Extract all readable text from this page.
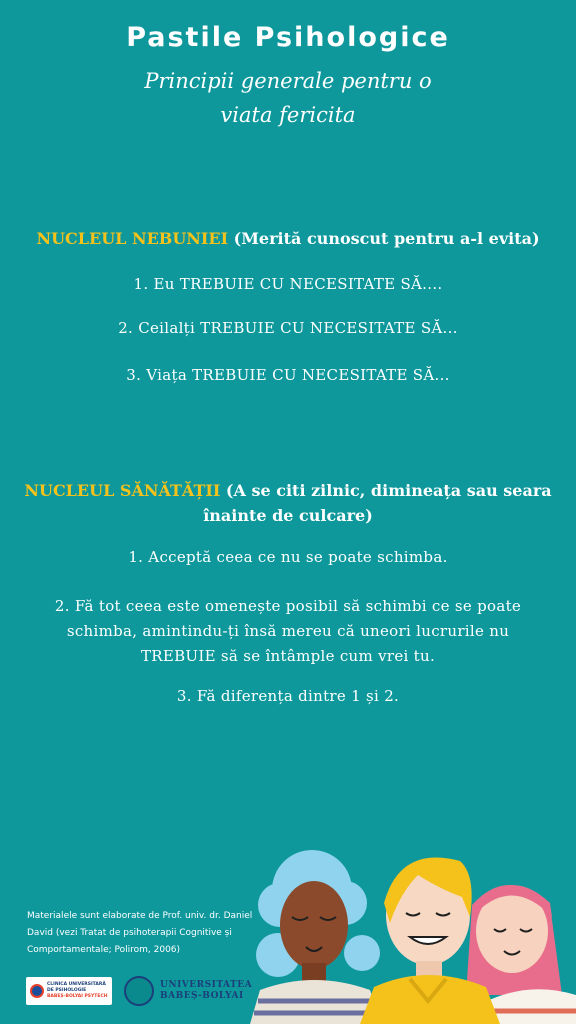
Pastile Psihologice
Principii generale pentru o
viata fericita
NUCLEUL NEBUNIEI (Merită cunoscut pentru a-l evita)
1. Eu TREBUIE CU NECESITATE SĂ....
2. Ceilalți TREBUIE CU NECESITATE SĂ...
3. Viața TREBUIE CU NECESITATE SĂ...
NUCLEUL SĂNĂTĂȚII (A se citi zilnic, dimineața sau seara
înainte de culcare)
1. Acceptă ceea ce nu se poate schimba.
2. Fă tot ceea este omenește posibil să schimbi ce se poate
schimba, amintindu-ți însă mereu că uneori lucrurile nu
TREBUIE să se întâmple cum vrei tu.
3. Fă diferența dintre 1 și 2.
Materialele sunt elaborate de Prof. univ. dr. Daniel
David (vezi Tratat de psihoterapii Cognitive și
Comportamentale; Polirom, 2006)
CLINICA UNIVERSITARĂ DE PSIHOLOGIE
BABEȘ-BOLYAI PSYTECH
UNIVERSITATEA
BABEȘ-BOLYAI
